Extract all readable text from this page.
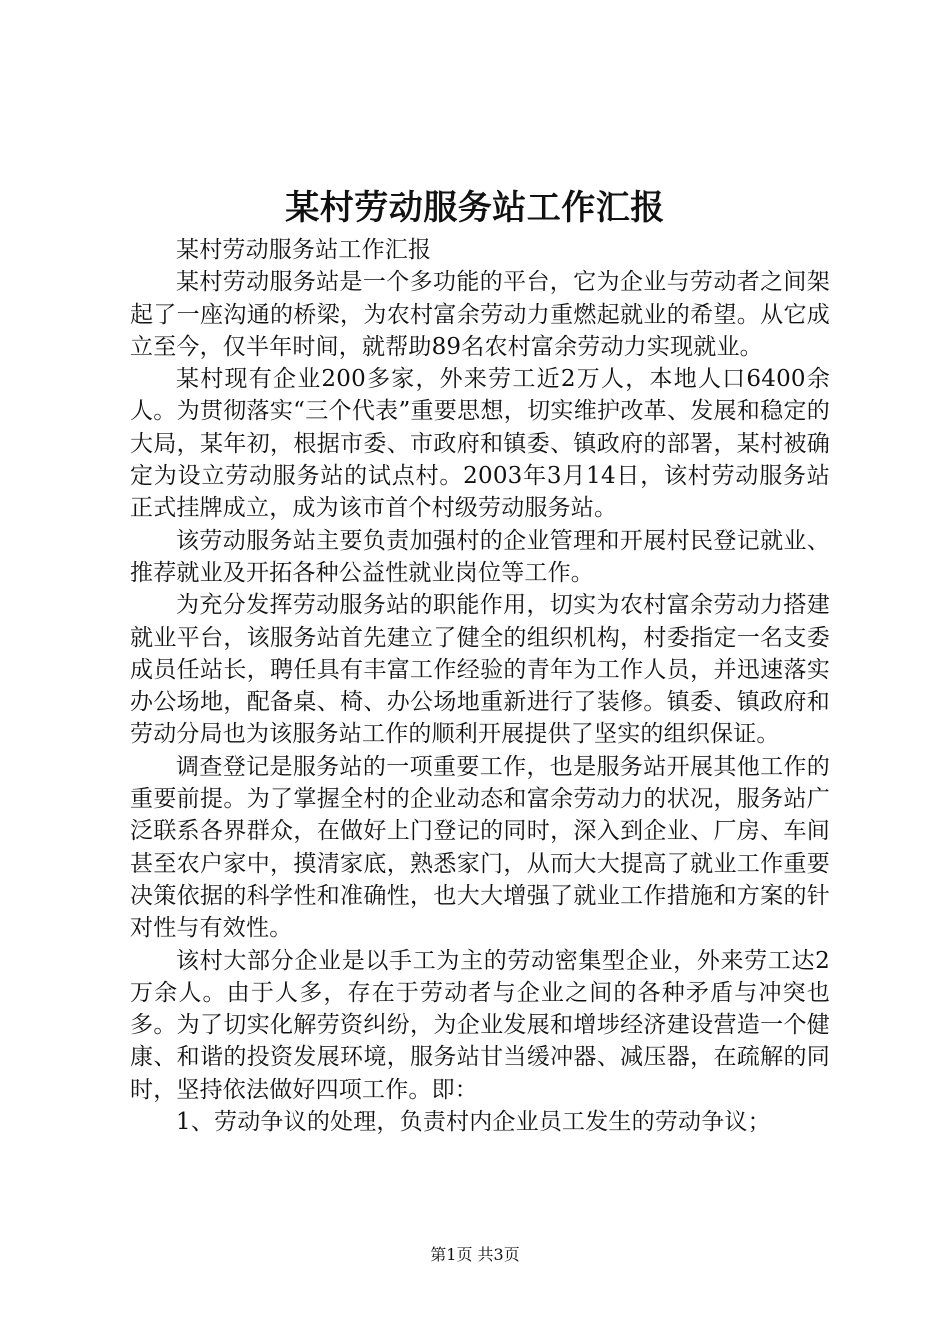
某村劳动服务站工作汇报

某村劳动服务站工作汇报

某村劳动服务站是一个多功能的平台，它为企业与劳动者之间架起了一座沟通的桥梁，为农村富余劳动力重燃起就业的希望。从它成立至今，仅半年时间，就帮助89名农村富余劳动力实现就业。

某村现有企业200多家，外来劳工近2万人，本地人口6400余人。为贯彻落实“三个代表”重要思想，切实维护改革、发展和稳定的大局，某年初，根据市委、市政府和镇委、镇政府的部署，某村被确定为设立劳动服务站的试点村。2003年3月14日，该村劳动服务站正式挂牌成立，成为该市首个村级劳动服务站。

该劳动服务站主要负责加强村的企业管理和开展村民登记就业、推荐就业及开拓各种公益性就业岗位等工作。

为充分发挥劳动服务站的职能作用，切实为农村富余劳动力搭建就业平台，该服务站首先建立了健全的组织机构，村委指定一名支委成员任站长，聘任具有丰富工作经验的青年为工作人员，并迅速落实办公场地，配备桌、椅、办公场地重新进行了装修。镇委、镇政府和劳动分局也为该服务站工作的顺利开展提供了坚实的组织保证。

调查登记是服务站的一项重要工作，也是服务站开展其他工作的重要前提。为了掌握全村的企业动态和富余劳动力的状况，服务站广泛联系各界群众，在做好上门登记的同时，深入到企业、厂房、车间甚至农户家中，摸清家底，熟悉家门，从而大大提高了就业工作重要决策依据的科学性和准确性，也大大增强了就业工作措施和方案的针对性与有效性。

该村大部分企业是以手工为主的劳动密集型企业，外来劳工达2万余人。由于人多，存在于劳动者与企业之间的各种矛盾与冲突也多。为了切实化解劳资纠纷，为企业发展和增埗经济建设营造一个健康、和谐的投资发展环境，服务站甘当缓冲器、减压器，在疏解的同时，坚持依法做好四项工作。即：

1、劳动争议的处理，负责村内企业员工发生的劳动争议；

第1页 共3页
